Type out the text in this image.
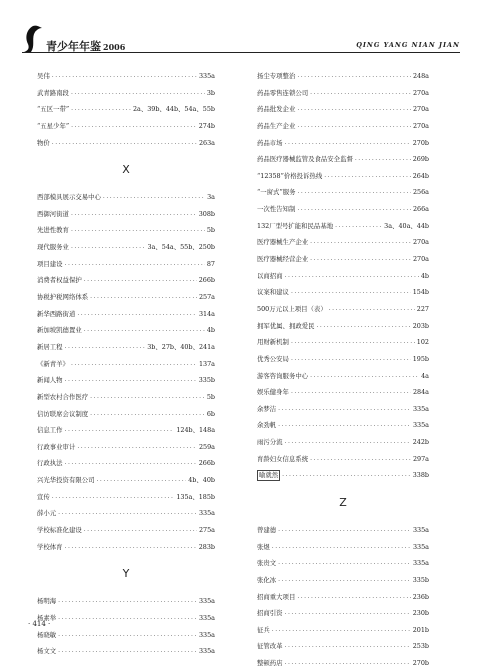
青少年年鉴 2006	QING YANG NIAN JIAN
吴伟 .....	335a
武青路南段 .....	3b
“五区一带” .....	2a、39b、44b、54a、55b
“五星少年” .....	274b
物价 .....	263a
X
西部模具展示交易中心 .....	3a
西御河街道 .....	308b
先进性教育 .....	5b
现代服务业 .....	3a、54a、55b、250b
项目建设 .....	87
消费者权益保护 .....	266b
协税护税网络体系 .....	257a
新华西路街道 .....	314a
新加坡凯德置业 .....	4b
新居工程 .....	3b、27b、40b、241a
《新青羊》 .....	137a
新闻人物 .....	335b
新型农村合作医疗 .....	5b
信访联席会议制度 .....	6b
信息工作 .....	124b、148a
行政事业审计 .....	259a
行政执法 .....	266b
兴光华投资有限公司 .....	4b、40b
宣传 .....	135a、185b
薛小元 .....	335a
学校标准化建设 .....	275a
学校体育 .....	283b
Y
杨明海 .....	335a
杨素举 .....	335a
杨晓敏 .....	335a
杨文文 .....	335a
扬尘专项整治 .....	248a
药品零售连锁公司 .....	270a
药品批发企业 .....	270a
药品生产企业 .....	270a
药品市场 .....	270b
药品医疗器械监管及食品安全监督 .....	269b
“12358”价格投诉热线 .....	264b
“一窗式”服务 .....	256a
一次性告知制 .....	266a
132厂型号扩能和民品基地 .....	3a、40a、44b
医疗器械生产企业 .....	270a
医疗器械经营企业 .....	270a
以商招商 .....	4b
议案和建议 .....	154b
500万元以上项目（表） .....	227
拥军优属、拥政爱民 .....	203b
用财新机制 .....	102
优秀公安局 .....	195b
游客咨询服务中心 .....	4a
娱乐健身年 .....	284a
余梦洁 .....	335a
余劲帆 .....	335a
雨污分流 .....	242b
育龄妇女信息系统 .....	297a
喻就然 .....	338b
Z
曾建德 .....	335a
张煜 .....	335a
张贵文 .....	335a
张化冰 .....	335b
招商重大项目 .....	236b
招商引资 .....	230b
征兵 .....	201b
征管改革 .....	253b
整顿药店 .....	270b
· 414 ·
